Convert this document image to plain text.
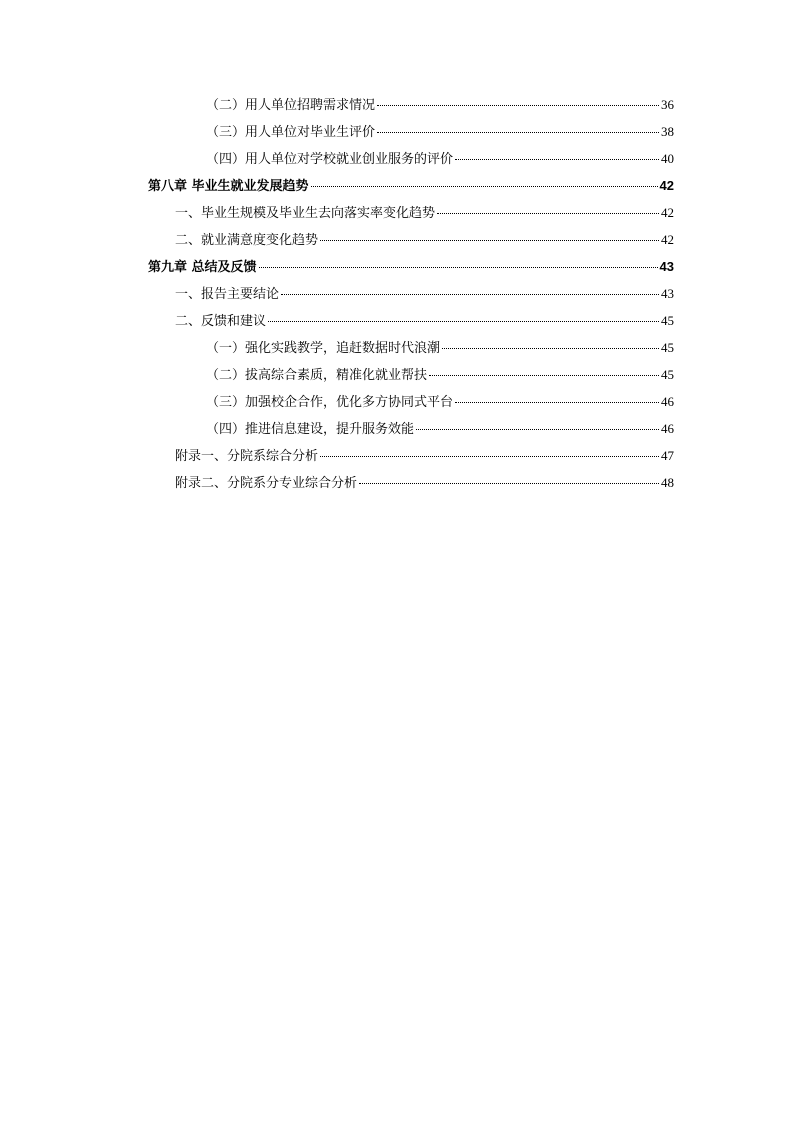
（二）用人单位招聘需求情况	36
（三）用人单位对毕业生评价	38
（四）用人单位对学校就业创业服务的评价	40
第八章 毕业生就业发展趋势	42
一、毕业生规模及毕业生去向落实率变化趋势	42
二、就业满意度变化趋势	42
第九章 总结及反馈	43
一、报告主要结论	43
二、反馈和建议	45
（一）强化实践教学，追赶数据时代浪潮	45
（二）拔高综合素质，精准化就业帮扶	45
（三）加强校企合作，优化多方协同式平台	46
（四）推进信息建设，提升服务效能	46
附录一、分院系综合分析	47
附录二、分院系分专业综合分析	48
